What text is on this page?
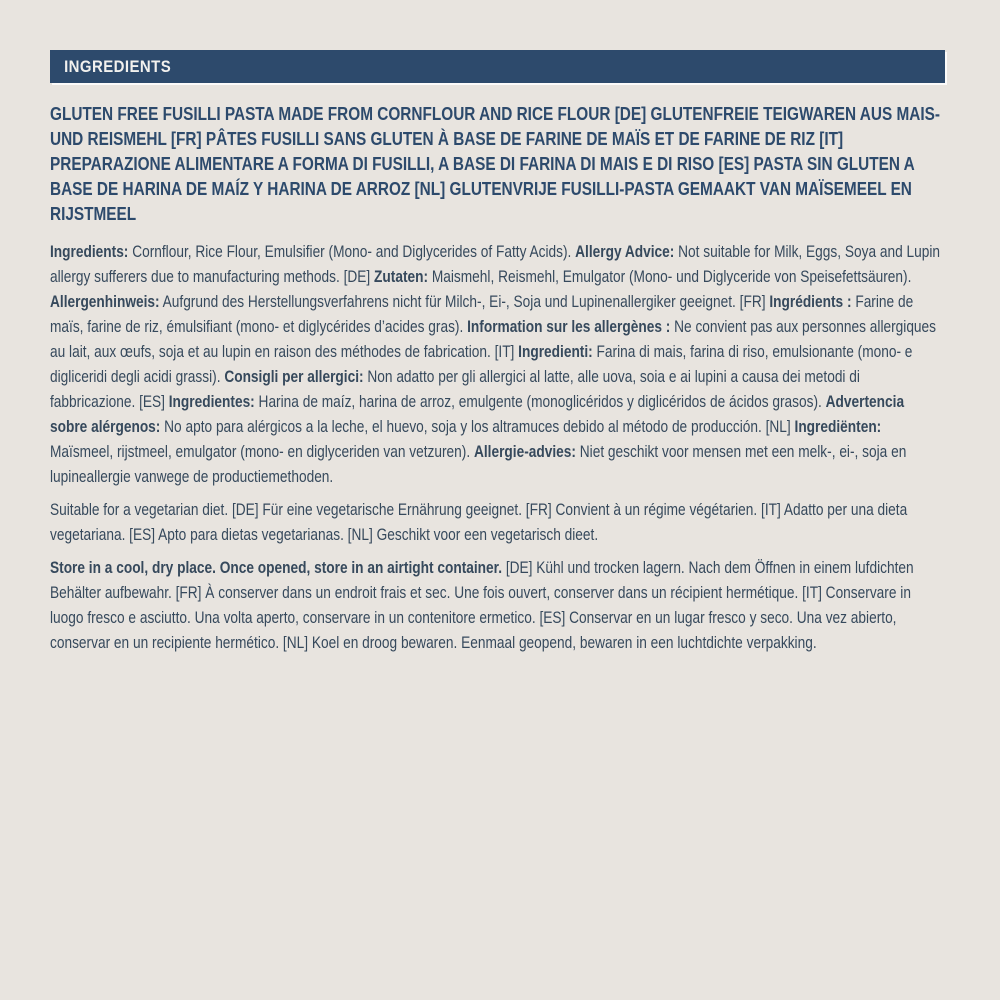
INGREDIENTS
GLUTEN FREE FUSILLI PASTA MADE FROM CORNFLOUR AND RICE FLOUR [DE] GLUTENFREIE TEIGWAREN AUS MAIS- UND REISMEHL [FR] PÂTES FUSILLI SANS GLUTEN À BASE DE FARINE DE MAÏS ET DE FARINE DE RIZ [IT] PREPARAZIONE ALIMENTARE A FORMA DI FUSILLI, A BASE DI FARINA DI MAIS E DI RISO [ES] PASTA SIN GLUTEN A BASE DE HARINA DE MAÍZ Y HARINA DE ARROZ [NL] GLUTENVRIJE FUSILLI-PASTA GEMAAKT VAN MAÏSEMEEL EN RIJSTMEEL

Ingredients: Cornflour, Rice Flour, Emulsifier (Mono- and Diglycerides of Fatty Acids). Allergy Advice: Not suitable for Milk, Eggs, Soya and Lupin allergy sufferers due to manufacturing methods. [DE] Zutaten: Maismehl, Reismehl, Emulgator (Mono- und Diglyceride von Speisefettsäuren). Allergenhinweis: Aufgrund des Herstellungsverfahrens nicht für Milch-, Ei-, Soja und Lupinenallergiker geeignet. [FR] Ingrédients : Farine de maïs, farine de riz, émulsifiant (mono- et diglycérides d’acides gras). Information sur les allergènes : Ne convient pas aux personnes allergiques au lait, aux œufs, soja et au lupin en raison des méthodes de fabrication. [IT] Ingredienti: Farina di mais, farina di riso, emulsionante (mono- e digliceridi degli acidi grassi). Consigli per allergici: Non adatto per gli allergici al latte, alle uova, soia e ai lupini a causa dei metodi di fabbricazione. [ES] Ingredientes: Harina de maíz, harina de arroz, emulgente (monoglicéridos y diglicéridos de ácidos grasos). Advertencia sobre alérgenos: No apto para alérgicos a la leche, el huevo, soja y los altramuces debido al método de producción. [NL] Ingrediënten: Maïsmeel, rijstmeel, emulgator (mono- en diglyceriden van vetzuren). Allergie-advies: Niet geschikt voor mensen met een melk-, ei-, soja en lupineallergie vanwege de productiemethoden.

Suitable for a vegetarian diet. [DE] Für eine vegetarische Ernährung geeignet. [FR] Convient à un régime végétarien. [IT] Adatto per una dieta vegetariana. [ES] Apto para dietas vegetarianas. [NL] Geschikt voor een vegetarisch dieet.

Store in a cool, dry place. Once opened, store in an airtight container. [DE] Kühl und trocken lagern. Nach dem Öffnen in einem lufdichten Behälter aufbewahr. [FR] À conserver dans un endroit frais et sec. Une fois ouvert, conserver dans un récipient hermétique. [IT] Conservare in luogo fresco e asciutto. Una volta aperto, conservare in un contenitore ermetico. [ES] Conservar en un lugar fresco y seco. Una vez abierto, conservar en un recipiente hermético. [NL] Koel en droog bewaren. Eenmaal geopend, bewaren in een luchtdichte verpakking.
